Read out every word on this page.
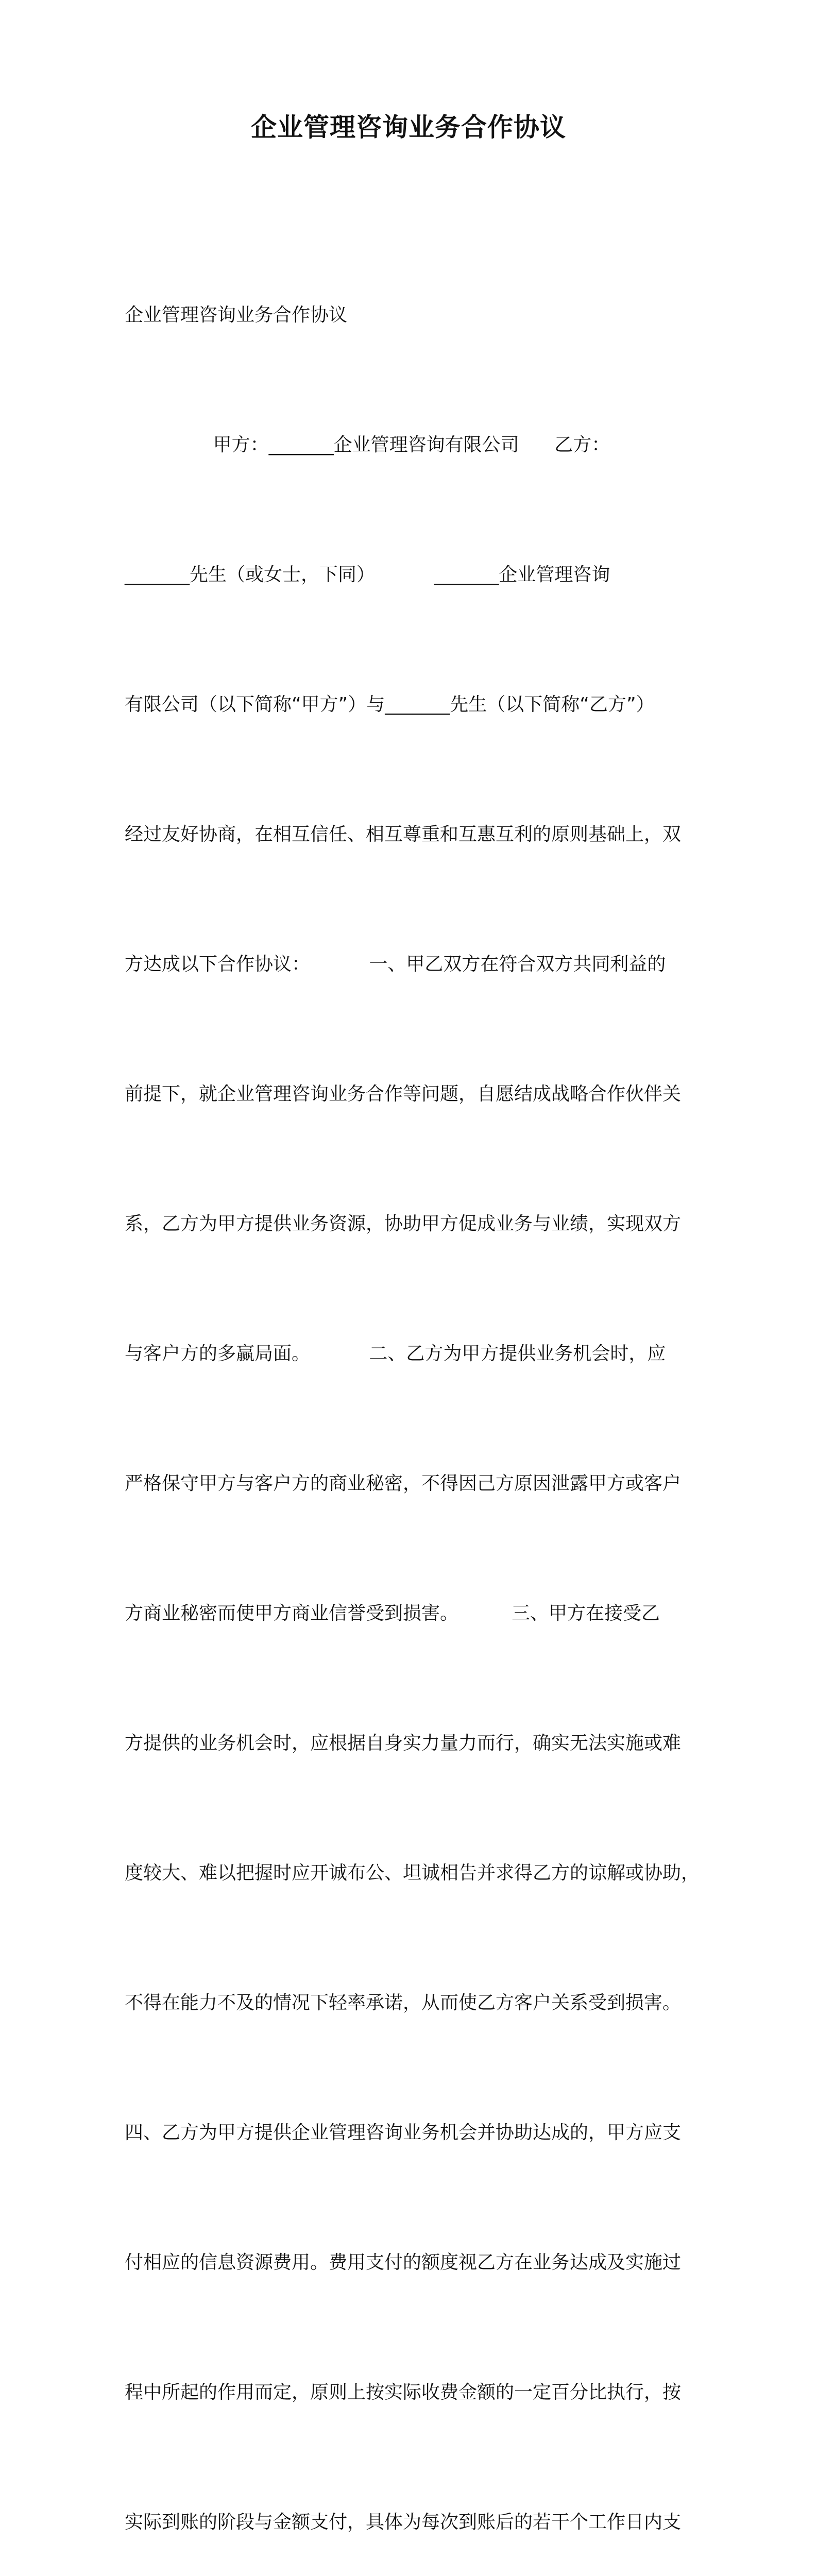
企业管理咨询业务合作协议

企业管理咨询业务合作协议

甲方：_______企业管理咨询有限公司      乙方：

_______先生（或女士，下同）          _______企业管理咨询

有限公司（以下简称“甲方”）与_______先生（以下简称“乙方”）

经过友好协商，在相互信任、相互尊重和互惠互利的原则基础上，双

方达成以下合作协议：          一、甲乙双方在符合双方共同利益的

前提下，就企业管理咨询业务合作等问题，自愿结成战略合作伙伴关

系，乙方为甲方提供业务资源，协助甲方促成业务与业绩，实现双方

与客户方的多赢局面。          二、乙方为甲方提供业务机会时，应

严格保守甲方与客户方的商业秘密，不得因己方原因泄露甲方或客户

方商业秘密而使甲方商业信誉受到损害。         三、甲方在接受乙

方提供的业务机会时，应根据自身实力量力而行，确实无法实施或难

度较大、难以把握时应开诚布公、坦诚相告并求得乙方的谅解或协助，

不得在能力不及的情况下轻率承诺，从而使乙方客户关系受到损害。

四、乙方为甲方提供企业管理咨询业务机会并协助达成的，甲方应支

付相应的信息资源费用。费用支付的额度视乙方在业务达成及实施过

程中所起的作用而定，原则上按实际收费金额的一定百分比执行，按

实际到账的阶段与金额支付，具体为每次到账后的若干个工作日内支
